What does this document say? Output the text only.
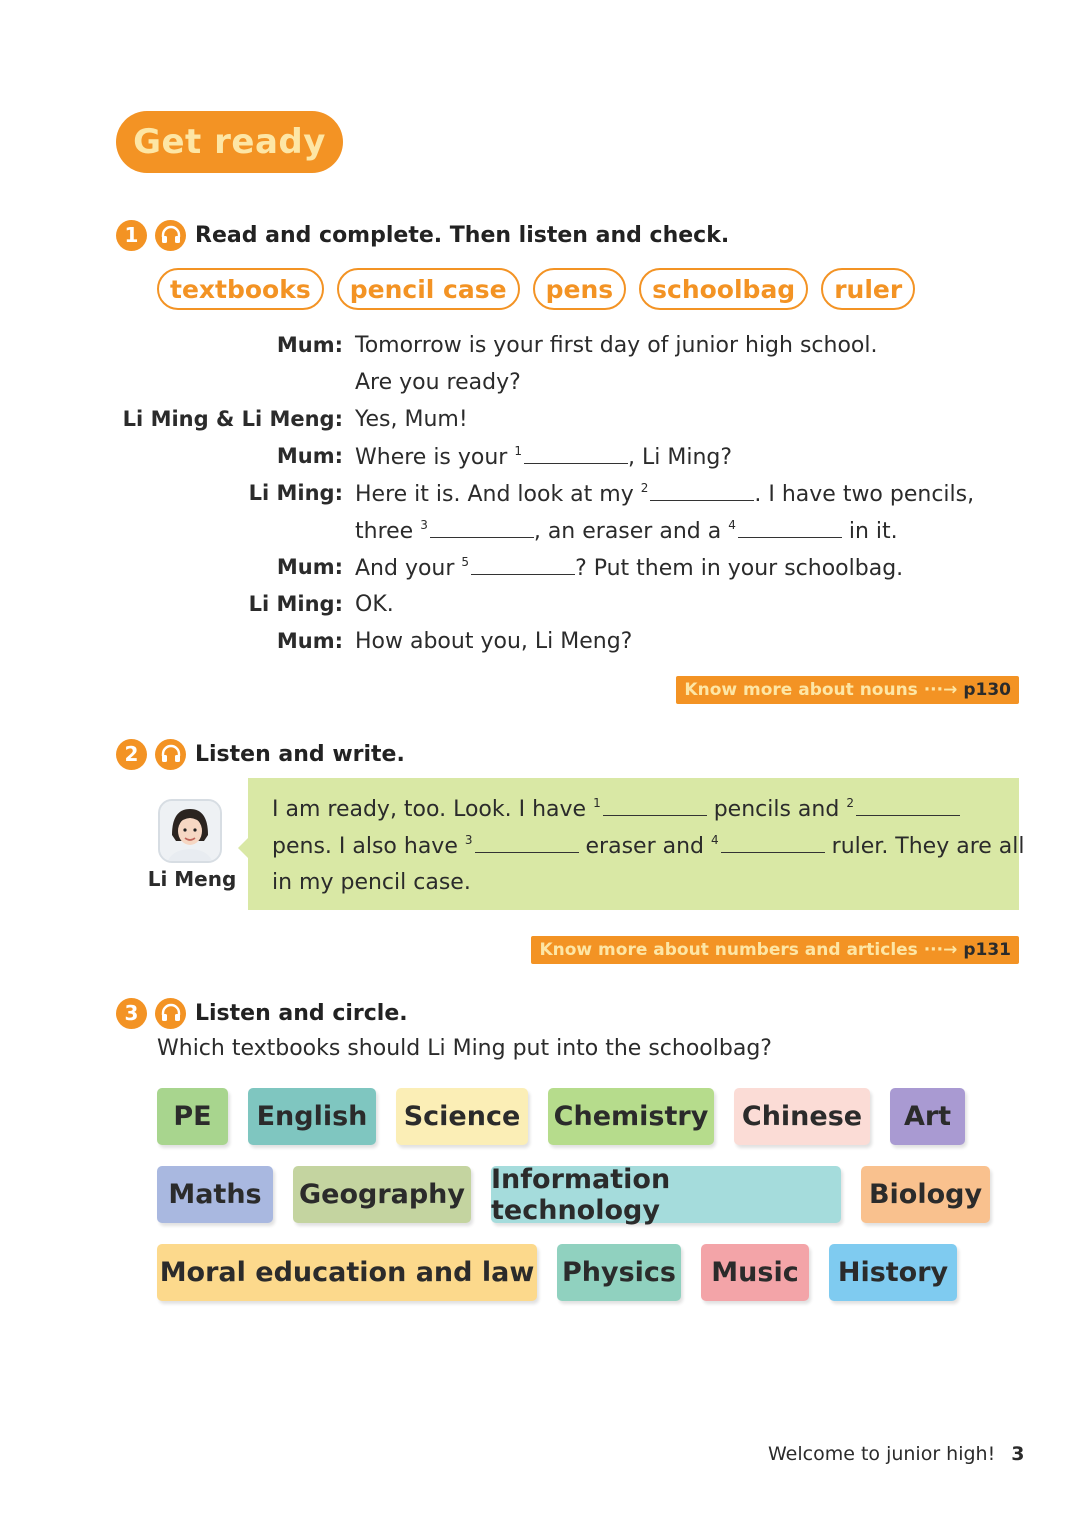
Get ready
1	Read and complete. Then listen and check.
textbooks	pencil case	pens	schoolbag	ruler
Mum: Tomorrow is your first day of junior high school.
Are you ready?
Li Ming & Li Meng: Yes, Mum!
Mum: Where is your $^1$	, Li Ming?
Li Ming: Here it is. And look at my $^2$	. I have two pencils,
three $^3$	, an eraser and a $^4$	in it.
Mum: And your $^5$	? Put them in your schoolbag.
Li Ming: OK.
Mum: How about you, Li Meng?
Know more about nouns ···→ p130
2	Listen and write.
Li Meng
I am ready, too. Look. I have $^1$	pencils and $^2$
pens. I also have $^3$	eraser and $^4$	ruler. They are all
in my pencil case.
Know more about numbers and articles ···→ p131
3	Listen and circle.
Which textbooks should Li Ming put into the schoolbag?
PE	English	Science Chemistry Chinese	Art
Maths	Geography Information technology	Biology
Moral education and law Physics	Music	History
Welcome to junior high! 3
